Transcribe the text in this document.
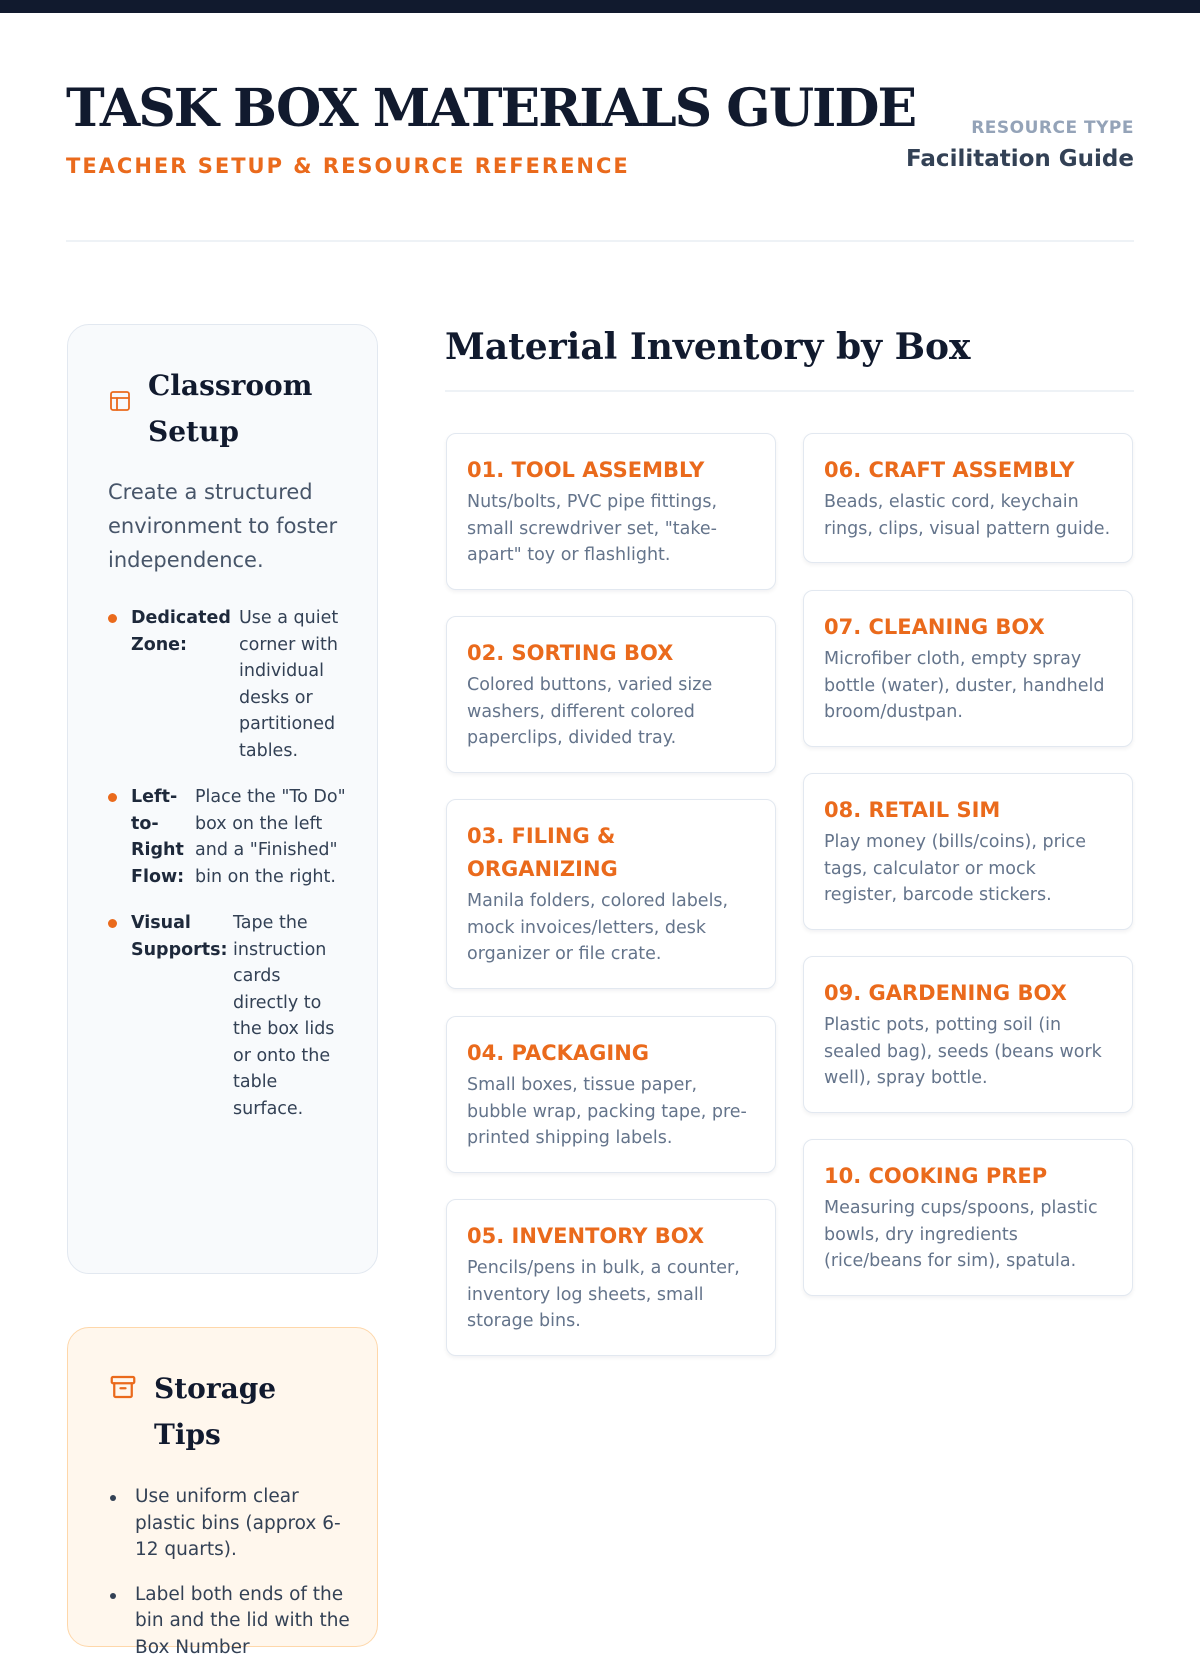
TASK BOX MATERIALS GUIDE
TEACHER SETUP & RESOURCE REFERENCE
RESOURCE TYPE
Facilitation Guide
Classroom Setup
Create a structured environment to foster independence.
Dedicated Zone:
Use a quiet corner with individual desks or partitioned tables.
Left-to-Right Flow:
Place the "To Do" box on the left and a "Finished" bin on the right.
Visual Supports:
Tape the instruction cards directly to the box lids or onto the table surface.
Storage Tips
Use uniform clear plastic bins (approx 6-12 quarts).
Label both ends of the bin and the lid with the Box Number
Material Inventory by Box
01. TOOL ASSEMBLY
Nuts/bolts, PVC pipe fittings, small screwdriver set, "take-apart" toy or flashlight.
02. SORTING BOX
Colored buttons, varied size washers, different colored paperclips, divided tray.
03. FILING & ORGANIZING
Manila folders, colored labels, mock invoices/letters, desk organizer or file crate.
04. PACKAGING
Small boxes, tissue paper, bubble wrap, packing tape, pre-printed shipping labels.
05. INVENTORY BOX
Pencils/pens in bulk, a counter, inventory log sheets, small storage bins.
06. CRAFT ASSEMBLY
Beads, elastic cord, keychain rings, clips, visual pattern guide.
07. CLEANING BOX
Microfiber cloth, empty spray bottle (water), duster, handheld broom/dustpan.
08. RETAIL SIM
Play money (bills/coins), price tags, calculator or mock register, barcode stickers.
09. GARDENING BOX
Plastic pots, potting soil (in sealed bag), seeds (beans work well), spray bottle.
10. COOKING PREP
Measuring cups/spoons, plastic bowls, dry ingredients (rice/beans for sim), spatula.
